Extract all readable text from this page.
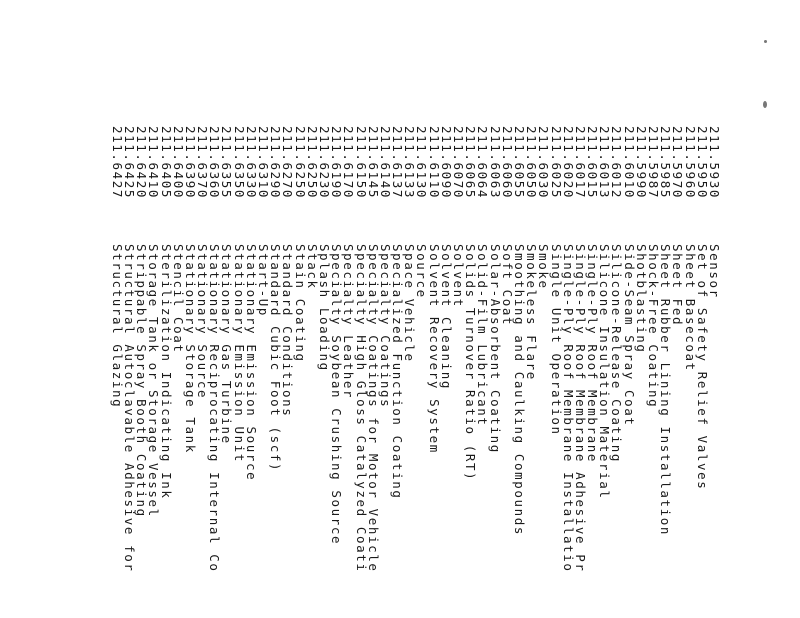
211.5930
Sensor
211.5950
Set of Safety Relief Valves
211.5960
Sheet Basecoat
211.5970
Sheet Fed
211.5985
Sheet Rubber Lining Installation
211.5987
Shock-Free Coating
211.5990
Shotblasting
211.6010
Side-Seam Spray Coat
211.6012
Silicone-Release Coating
211.6013
Silicone Insulation Material
211.6015
Single-Ply Roof Membrane
211.6017
Single-Ply Roof Membrane Adhesive Pr
211.6020
Single-Ply Roof Membrane Installatio
211.6025
Single Unit Operation
211.6030
Smoke
211.6050
Smokeless Flare
211.6055
Smoothing and Caulking Compounds
211.6060
Soft Coat
211.6063
Solar-Absorbent Coating
211.6064
Solid-Film Lubricant
211.6065
Solids Turnover Ratio (RT)
211.6070
Solvent
211.6090
Solvent Cleaning
211.6110
Solvent Recovery System
211.6130
Source
211.6133
Space Vehicle
211.6137
Specialized Function Coating
211.6140
Specialty Coatings
211.6145
Specialty Coatings for Motor Vehicle
211.6150
Specialty High Gloss Catalyzed Coati
211.6170
Specialty Leather
211.6190
Specialty Soybean Crushing Source
211.6230
Splash Loading
211.6250
Stack
211.6250
Stain Coating
211.6270
Standard Conditions
211.6290
Standard Cubic Foot (scf)
211.6310
Start-Up
211.6330
Stationary Emission Source
211.6350
Stationary Emission Unit
211.6355
Stationary Gas Turbine
211.6360
Stationary Reciprocating Internal Co
211.6370
Stationary Source
211.6390
Stationary Storage Tank
211.6400
Stencil Coat
211.6405
Sterilization Indicating Ink
211.6410
Storage Tank or Storage Vessel
211.6420
Strippable Spray Booth Coating
211.6425
Structural Autoclavable Adhesive for
211.6427
Structural Glazing
